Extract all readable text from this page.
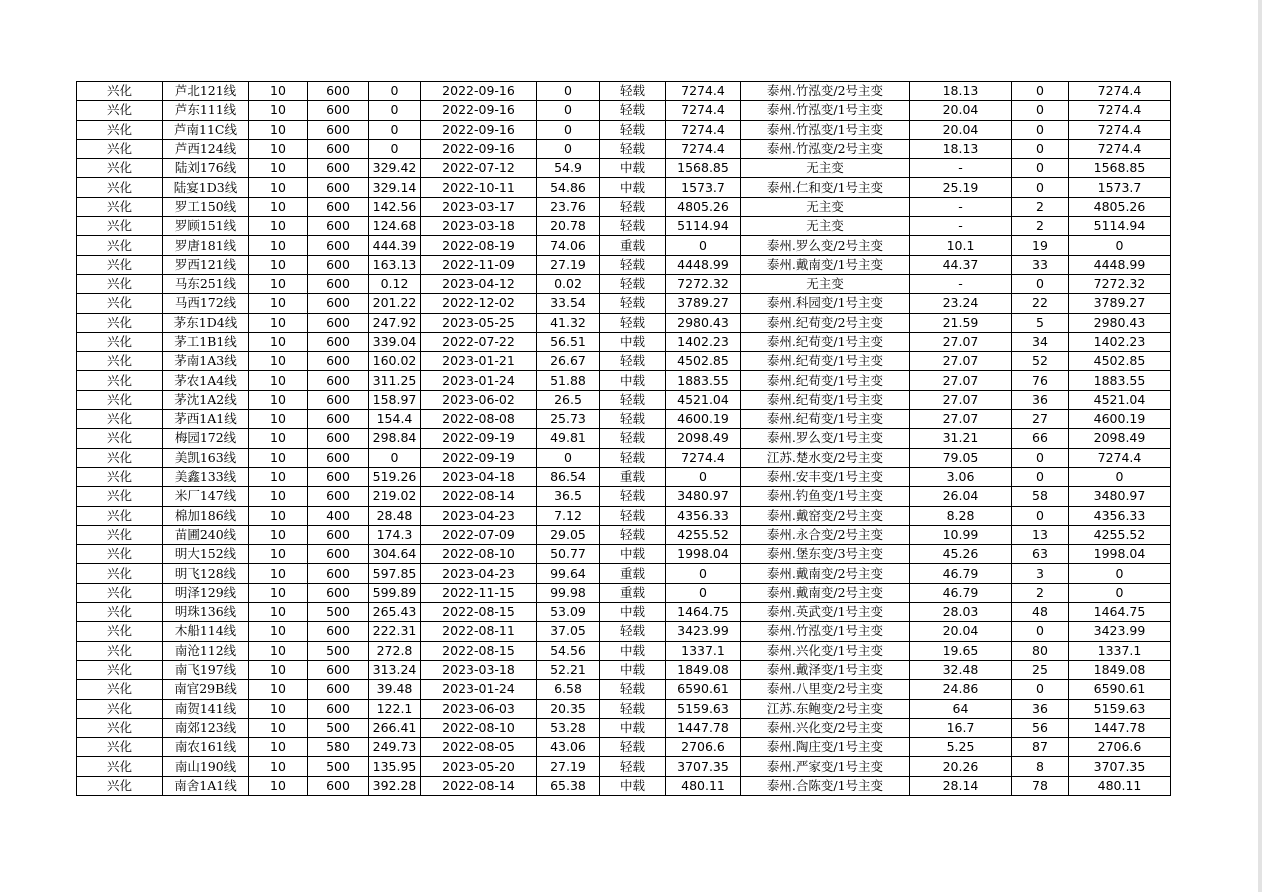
兴化	芦北121线	10	600	0	2022-09-16	0	轻载	7274.4	泰州.竹泓变/2号主变	18.13	0	7274.4
兴化	芦东111线	10	600	0	2022-09-16	0	轻载	7274.4	泰州.竹泓变/1号主变	20.04	0	7274.4
兴化	芦南11C线	10	600	0	2022-09-16	0	轻载	7274.4	泰州.竹泓变/1号主变	20.04	0	7274.4
兴化	芦西124线	10	600	0	2022-09-16	0	轻载	7274.4	泰州.竹泓变/2号主变	18.13	0	7274.4
兴化	陆刘176线	10	600	329.42	2022-07-12	54.9	中载	1568.85	无主变	-	0	1568.85
兴化	陆宴1D3线	10	600	329.14	2022-10-11	54.86	中载	1573.7	泰州.仁和变/1号主变	25.19	0	1573.7
兴化	罗工150线	10	600	142.56	2023-03-17	23.76	轻载	4805.26	无主变	-	2	4805.26
兴化	罗顾151线	10	600	124.68	2023-03-18	20.78	轻载	5114.94	无主变	-	2	5114.94
兴化	罗唐181线	10	600	444.39	2022-08-19	74.06	重载	0	泰州.罗么变/2号主变	10.1	19	0
兴化	罗西121线	10	600	163.13	2022-11-09	27.19	轻载	4448.99	泰州.戴南变/1号主变	44.37	33	4448.99
兴化	马东251线	10	600	0.12	2023-04-12	0.02	轻载	7272.32	无主变	-	0	7272.32
兴化	马西172线	10	600	201.22	2022-12-02	33.54	轻载	3789.27	泰州.科园变/1号主变	23.24	22	3789.27
兴化	茅东1D4线	10	600	247.92	2023-05-25	41.32	轻载	2980.43	泰州.纪荀变/2号主变	21.59	5	2980.43
兴化	茅工1B1线	10	600	339.04	2022-07-22	56.51	中载	1402.23	泰州.纪荀变/1号主变	27.07	34	1402.23
兴化	茅南1A3线	10	600	160.02	2023-01-21	26.67	轻载	4502.85	泰州.纪荀变/1号主变	27.07	52	4502.85
兴化	茅农1A4线	10	600	311.25	2023-01-24	51.88	中载	1883.55	泰州.纪荀变/1号主变	27.07	76	1883.55
兴化	茅沈1A2线	10	600	158.97	2023-06-02	26.5	轻载	4521.04	泰州.纪荀变/1号主变	27.07	36	4521.04
兴化	茅西1A1线	10	600	154.4	2022-08-08	25.73	轻载	4600.19	泰州.纪荀变/1号主变	27.07	27	4600.19
兴化	梅园172线	10	600	298.84	2022-09-19	49.81	轻载	2098.49	泰州.罗么变/1号主变	31.21	66	2098.49
兴化	美凯163线	10	600	0	2022-09-19	0	轻载	7274.4	江苏.楚水变/2号主变	79.05	0	7274.4
兴化	美鑫133线	10	600	519.26	2023-04-18	86.54	重载	0	泰州.安丰变/1号主变	3.06	0	0
兴化	米厂147线	10	600	219.02	2022-08-14	36.5	轻载	3480.97	泰州.钓鱼变/1号主变	26.04	58	3480.97
兴化	棉加186线	10	400	28.48	2023-04-23	7.12	轻载	4356.33	泰州.戴窑变/2号主变	8.28	0	4356.33
兴化	苗圃240线	10	600	174.3	2022-07-09	29.05	轻载	4255.52	泰州.永合变/2号主变	10.99	13	4255.52
兴化	明大152线	10	600	304.64	2022-08-10	50.77	中载	1998.04	泰州.堡东变/3号主变	45.26	63	1998.04
兴化	明飞128线	10	600	597.85	2023-04-23	99.64	重载	0	泰州.戴南变/2号主变	46.79	3	0
兴化	明泽129线	10	600	599.89	2022-11-15	99.98	重载	0	泰州.戴南变/2号主变	46.79	2	0
兴化	明珠136线	10	500	265.43	2022-08-15	53.09	中载	1464.75	泰州.英武变/1号主变	28.03	48	1464.75
兴化	木船114线	10	600	222.31	2022-08-11	37.05	轻载	3423.99	泰州.竹泓变/1号主变	20.04	0	3423.99
兴化	南沧112线	10	500	272.8	2022-08-15	54.56	中载	1337.1	泰州.兴化变/1号主变	19.65	80	1337.1
兴化	南飞197线	10	600	313.24	2023-03-18	52.21	中载	1849.08	泰州.戴泽变/1号主变	32.48	25	1849.08
兴化	南官29B线	10	600	39.48	2023-01-24	6.58	轻载	6590.61	泰州.八里变/2号主变	24.86	0	6590.61
兴化	南贺141线	10	600	122.1	2023-06-03	20.35	轻载	5159.63	江苏.东鲍变/2号主变	64	36	5159.63
兴化	南郊123线	10	500	266.41	2022-08-10	53.28	中载	1447.78	泰州.兴化变/2号主变	16.7	56	1447.78
兴化	南农161线	10	580	249.73	2022-08-05	43.06	轻载	2706.6	泰州.陶庄变/1号主变	5.25	87	2706.6
兴化	南山190线	10	500	135.95	2023-05-20	27.19	轻载	3707.35	泰州.严家变/1号主变	20.26	8	3707.35
兴化	南舍1A1线	10	600	392.28	2022-08-14	65.38	中载	480.11	泰州.合陈变/1号主变	28.14	78	480.11
